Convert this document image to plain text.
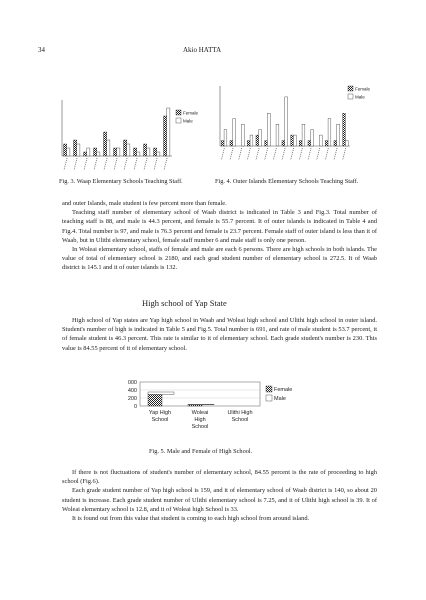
34	Akio HATTA
Female
Male
Fig. 3. Waap Elementary Schools Teaching Staff.
Female
Male
Fig. 4. Outer Islands Elementary Schools Teaching Staff.

and outer Islands, male student is few percent more than female.

Teaching staff number of elementary school of Waab district is indicated in Table 3 and Fig.3. Total number of teaching staff is 88, and male is 44.3 percent, and female is 55.7 percent. It of outer islands is indicated in Table 4 and Fig.4. Total number is 97, and male is 76.3 percent and female is 23.7 percent. Female staff of outer island is less than it of Waab, but in Ulithi elementary school, female staff number 6 and male staff is only one person.

In Woleai elementary school, staffs of female and male are each 6 persons. There are high schools in both islands. The value of total of elementary school is 2180, and each grad student number of elementary school is 272.5. It of Waab district is 145.1 and it of outer islands is 132.

High school of Yap State

High school of Yap states are Yap high school in Waab and Woleai high school and Ulithi high school in outer island. Student's number of high is indicated in Table 5 and Fig.5. Total number is 691, and rate of male student is 53.7 percent, it of female student is 46.3 percent. This rate is similar to it of elementary school. Each grade student's number is 230. This value is 84.55 percent of it of elementary school.

000
400
200
0
Yap High
School
Woleai
High
School
Ulithi High
School
Female
Male
Fig. 5. Male and Female of High School.

If there is not fluctuations of student's number of elementary school, 84.55 percent is the rate of proceeding to high school (Fig.6).

Each grade student number of Yap high school is 159, and it of elementary school of Waab district is 140, so about 20 student is increase. Each grade student number of Ulithi elementary school is 7.25, and it of Ulithi high school is 39. It of Woleai elementary school is 12.8, and it of Woleai high School is 33.

It is found out from this value that student is coming to each high school from around island.
